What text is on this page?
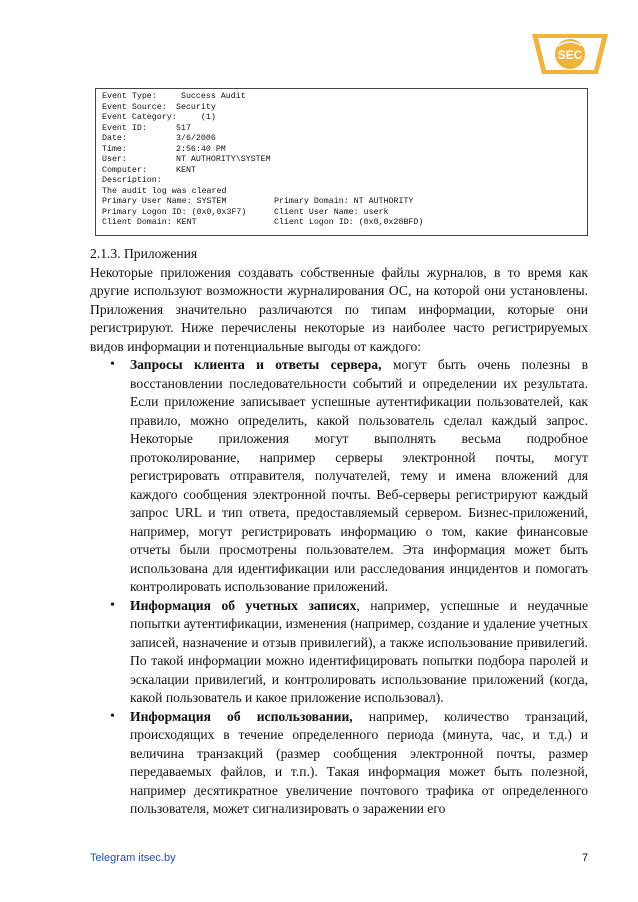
SEC
Event Type:	Success Audit
Event Source:	Security
Event Category: (1)
Event ID:	517
Date:	3/6/2006
Time:	2:56:40 PM
User:	NT AUTHORITY\SYSTEM
Computer:	KENT
Description:
The audit log was cleared
Primary User Name: SYSTEM	Primary Domain: NT AUTHORITY
Primary Logon ID: (0x0,0x3F7)	Client User Name: userk
Client Domain: KENT	Client Logon ID: (0x0,0x28BFD)
2.1.3. Приложения

Некоторые приложения создавать собственные файлы журналов, в то время как другие используют возможности журналирования ОС, на которой они установлены. Приложения значительно различаются по типам информации, которые они регистрируют. Ниже перечислены некоторые из наиболее часто регистрируемых видов информации и потенциальные выгоды от каждого:

• Запросы клиента и ответы сервера, могут быть очень полезны в восстановлении последовательности событий и определении их результата. Если приложение записывает успешные аутентификации пользователей, как правило, можно определить, какой пользователь сделал каждый запрос. Некоторые приложения могут выполнять весьма подробное протоколирование, например серверы электронной почты, могут регистрировать отправителя, получателей, тему и имена вложений для каждого сообщения электронной почты. Веб-серверы регистрируют каждый запрос URL и тип ответа, предоставляемый сервером. Бизнес-приложений, например, могут регистрировать информацию о том, какие финансовые отчеты были просмотрены пользователем. Эта информация может быть использована для идентификации или расследования инцидентов и помогать контролировать использование приложений.
• Информация об учетных записях, например, успешные и неудачные попытки аутентификации, изменения (например, создание и удаление учетных записей, назначение и отзыв привилегий), а также использование привилегий. По такой информации можно идентифицировать попытки подбора паролей и эскалации привилегий, и контролировать использование приложений (когда, какой пользователь и какое приложение использовал).
• Информация об использовании, например, количество транзаций, происходящих в течение определенного периода (минута, час, и т.д.) и величина транзакций (размер сообщения электронной почты, размер передаваемых файлов, и т.п.). Такая информация может быть полезной, например десятикратное увеличение почтового трафика от определенного пользователя, может сигнализировать о заражении его
Telegram itsec.by	7
